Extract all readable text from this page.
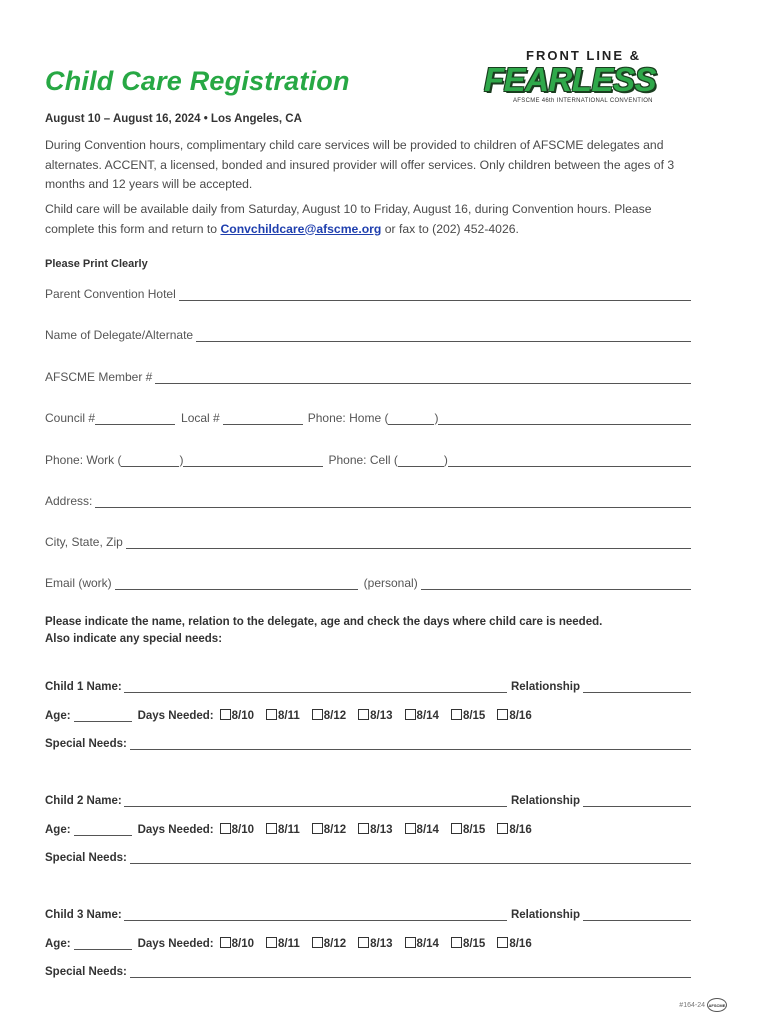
Child Care Registration
FRONT LINE &
FEARLESS
AFSCME 46th INTERNATIONAL CONVENTION
August 10 – August 16, 2024 • Los Angeles, CA
During Convention hours, complimentary child care services will be provided to children of AFSCME delegates and alternates. ACCENT, a licensed, bonded and insured provider will offer services. Only children between the ages of 3 months and 12 years will be accepted.
Child care will be available daily from Saturday, August 10 to Friday, August 16, during Convention hours. Please complete this form and return to Convchildcare@afscme.org or fax to (202) 452-4026.
Please Print Clearly
Parent Convention Hotel
Name of Delegate/Alternate
AFSCME Member #
Council #	Local #	Phone: Home (	)
Phone: Work (	)	Phone: Cell (	)
Address:
City, State, Zip
Email (work)	(personal)
Please indicate the name, relation to the delegate, age and check the days where child care is needed.
Also indicate any special needs:
Child 1 Name:	Relationship
Age:	Days Needed:	8/10	8/11	8/12	8/13	8/14	8/15	8/16
Special Needs:
Child 2 Name:	Relationship
Age:	Days Needed:	8/10	8/11	8/12	8/13	8/14	8/15	8/16
Special Needs:
Child 3 Name:	Relationship
Age:	Days Needed:	8/10	8/11	8/12	8/13	8/14	8/15	8/16
Special Needs:
#164-24 AFSCME
